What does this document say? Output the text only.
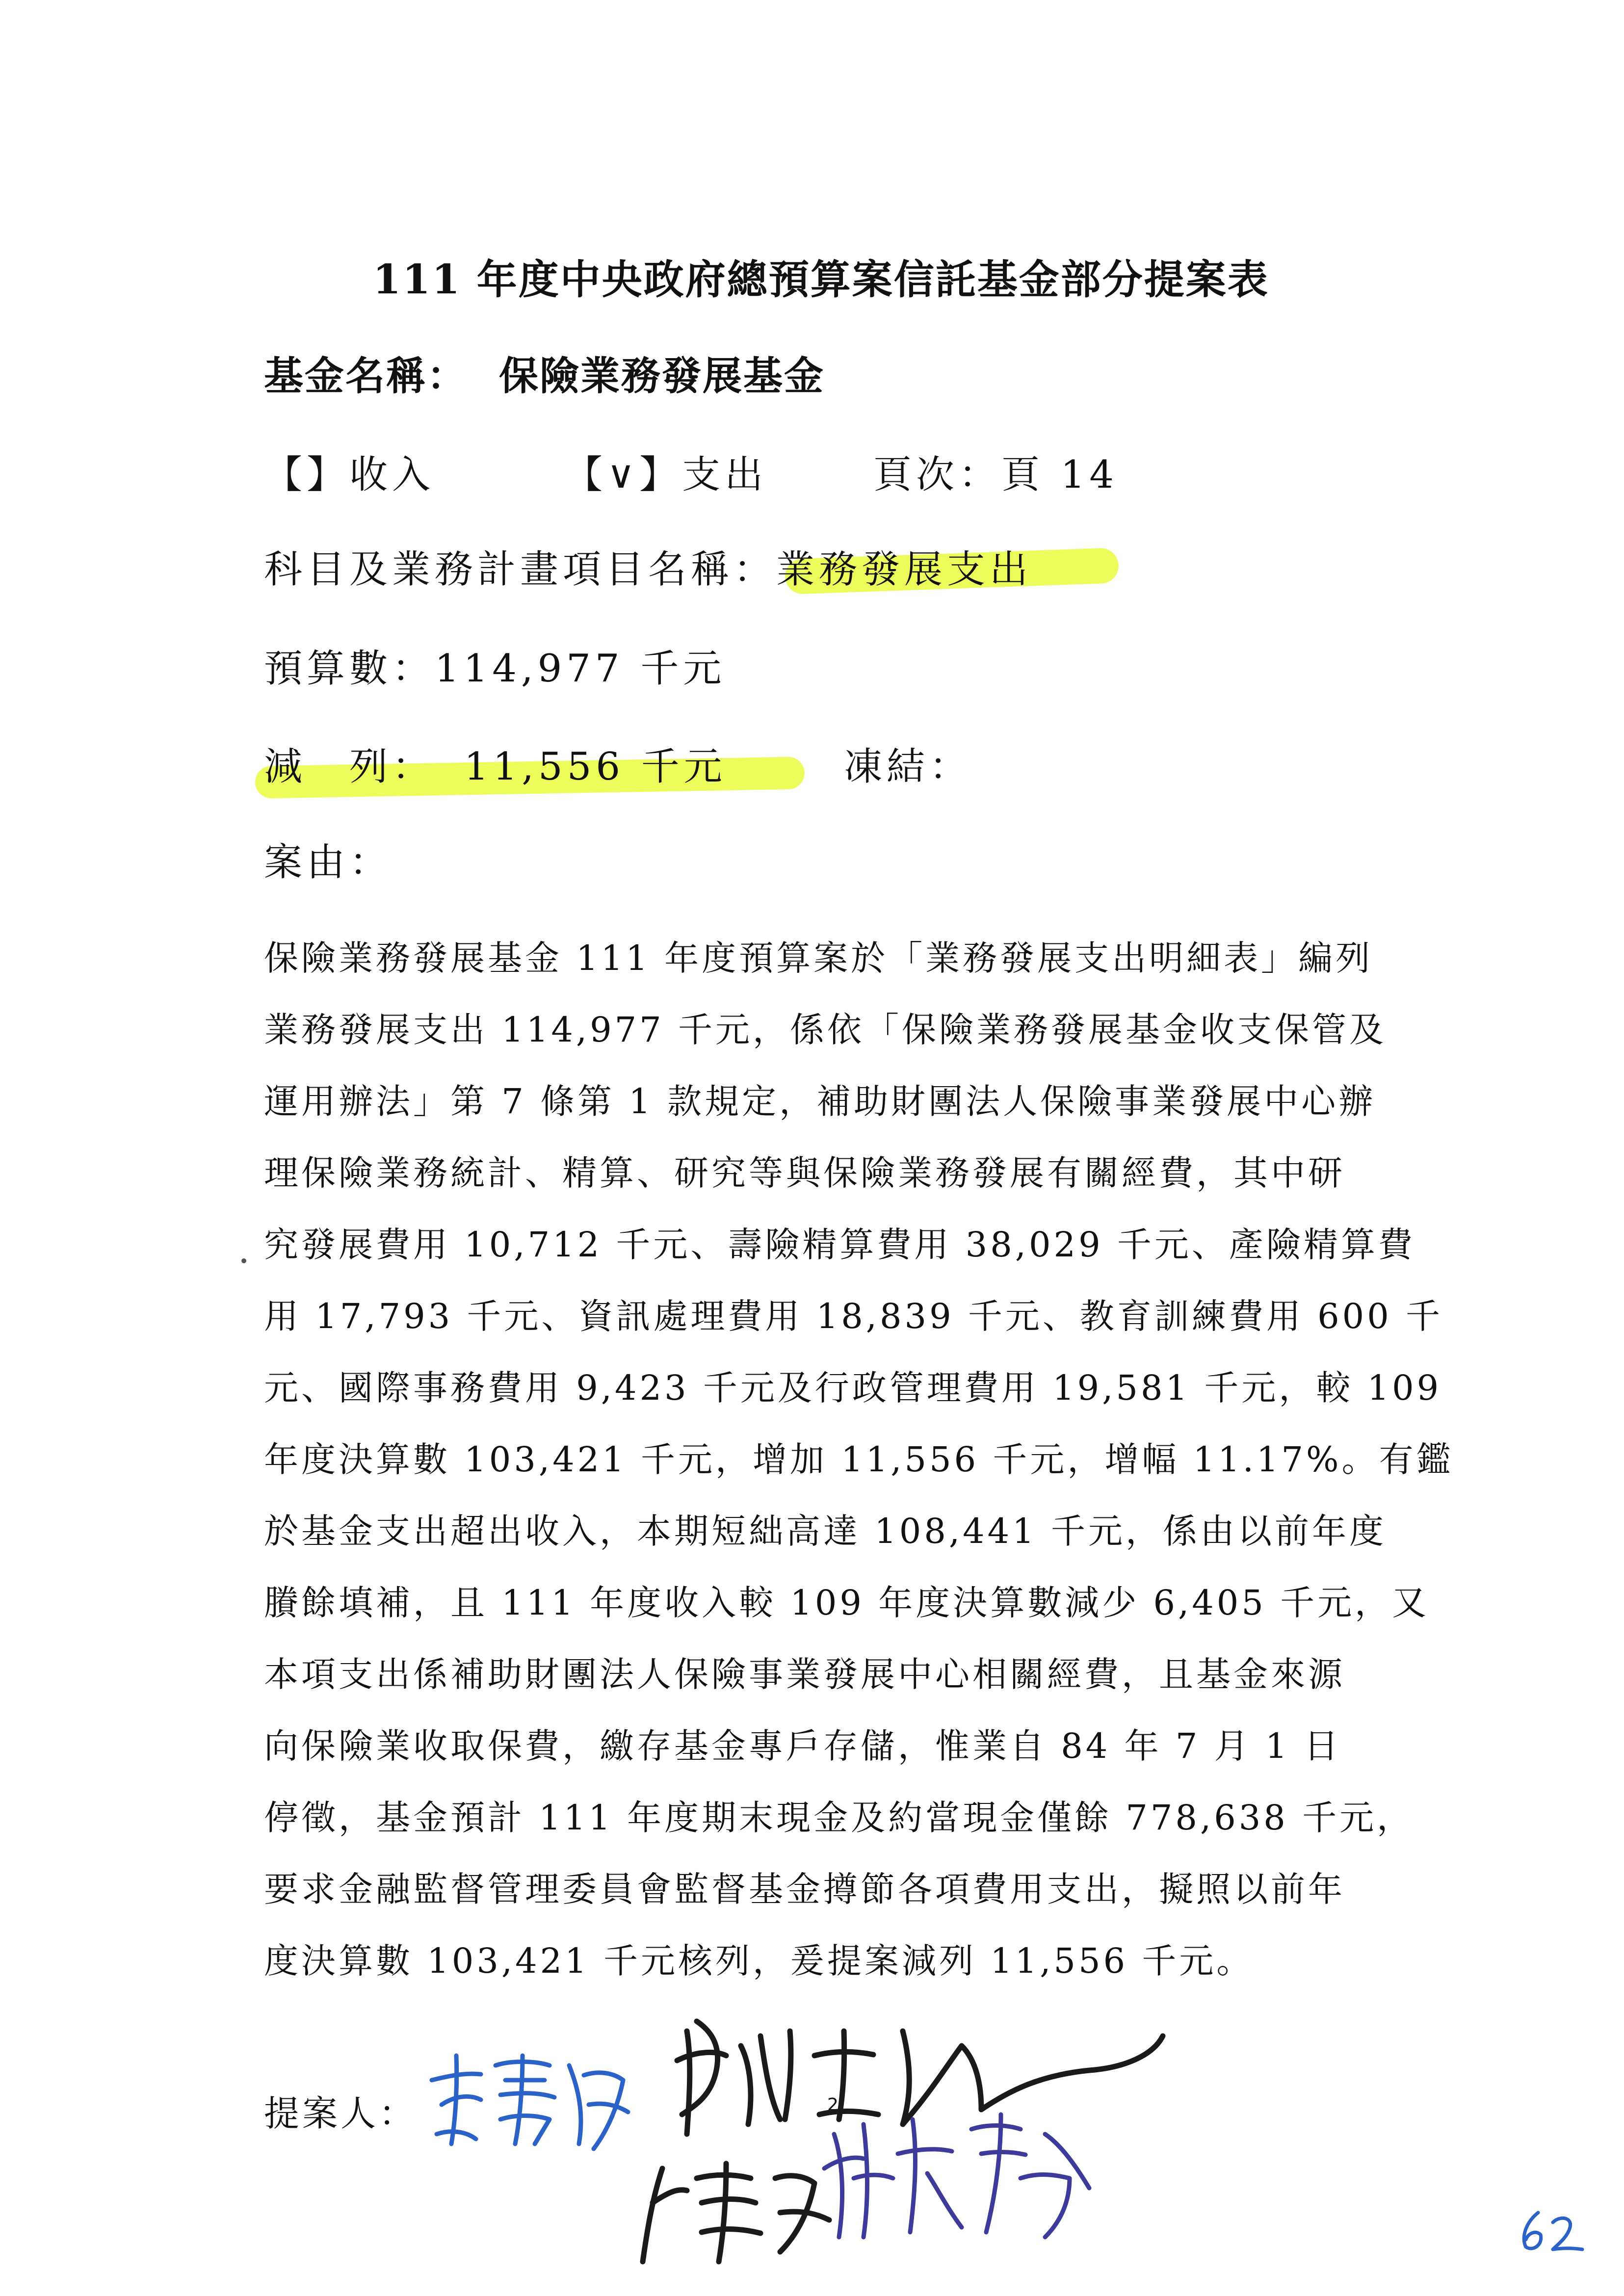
111 年度中央政府總預算案信託基金部分提案表
基金名稱： 保險業務發展基金
【】收入	【∨】支出	頁次：頁 14
科目及業務計畫項目名稱：業務發展支出
預算數：114,977 千元
減　列： 11,556 千元	凍結：
案由：
保險業務發展基金 111 年度預算案於「業務發展支出明細表」編列
業務發展支出 114,977 千元，係依「保險業務發展基金收支保管及
運用辦法」第 7 條第 1 款規定，補助財團法人保險事業發展中心辦
理保險業務統計、精算、研究等與保險業務發展有關經費，其中研
究發展費用 10,712 千元、壽險精算費用 38,029 千元、產險精算費
用 17,793 千元、資訊處理費用 18,839 千元、教育訓練費用 600 千
元、國際事務費用 9,423 千元及行政管理費用 19,581 千元，較 109
年度決算數 103,421 千元，增加 11,556 千元，增幅 11.17%。有鑑
於基金支出超出收入，本期短絀高達 108,441 千元，係由以前年度
賸餘填補，且 111 年度收入較 109 年度決算數減少 6,405 千元，又
本項支出係補助財團法人保險事業發展中心相關經費，且基金來源
向保險業收取保費，繳存基金專戶存儲，惟業自 84 年 7 月 1 日
停徵，基金預計 111 年度期末現金及約當現金僅餘 778,638 千元，
要求金融監督管理委員會監督基金撙節各項費用支出，擬照以前年
度決算數 103,421 千元核列，爰提案減列 11,556 千元。
提案人：	2
